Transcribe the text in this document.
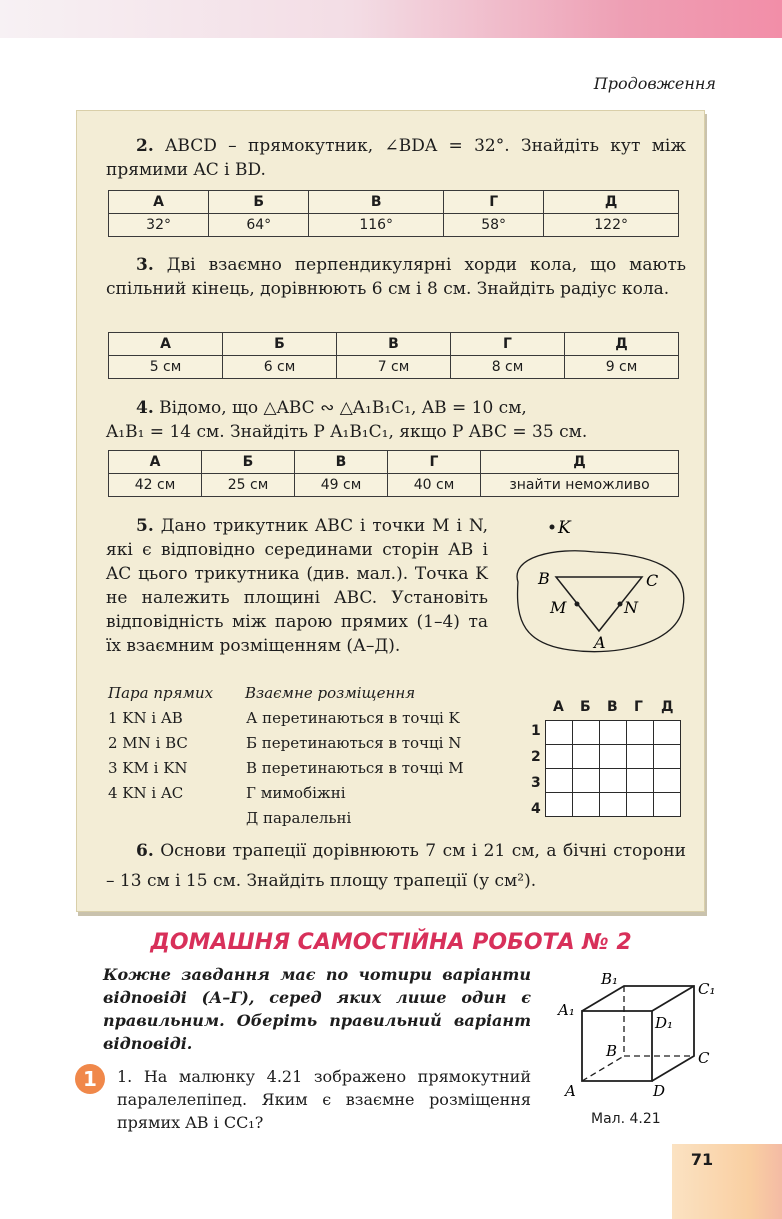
Продовження
2. ABCD – прямокутник, ∠BDA = 32°. Знайдіть кут між прямими AC і BD.
А	Б	В	Г	Д
32°	64°	116°	58°	122°
3. Дві взаємно перпендикулярні хорди кола, що мають спільний кінець, дорівнюють 6 см і 8 см. Знайдіть радіус кола.
А	Б	В	Г	Д
5 см	6 см	7 см	8 см	9 см
4. Відомо, що △ABC ∾ △A₁B₁C₁, AB = 10 см,
A₁B₁ = 14 см. Знайдіть P A₁B₁C₁, якщо P ABC = 35 см.
А	Б	В	Г	Д
42 см	25 см	49 см	40 см	знайти неможливо
5. Дано трикутник ABC і точки M і N, які є відповідно серединами сторін AB і AC цього трикутника (див. мал.). Точка K не належить площині ABC. Установіть відповідність між парою прямих (1–4) та їх взаємним розміщенням (А–Д).
K
B	C
M	N
A
Пара прямих Взаємне розміщення
1 KN і AB
2 MN і BC
3 KM і KN
4 KN і AC
А перетинаються в точці K
Б перетинаються в точці N
В перетинаються в точці M
Г мимобіжні
Д паралельні
А Б В Г Д
1
2
3
4

6. Основи трапеції дорівнюють 7 см і 21 см, а бічні сторони – 13 см і 15 см. Знайдіть площу трапеції (у см²).
ДОМАШНЯ САМОСТІЙНА РОБОТА № 2
Кожне завдання має по чотири варіанти відповіді (А–Г), серед яких лише один є правильним. Оберіть правильний варіант відповіді.
1	1. На малюнку 4.21 зображено прямокутний паралелепіпед. Яким є взаємне розміщення прямих AB і CC₁?
B₁
C₁
A₁
D₁
B	C
A	D
Мал. 4.21
71
